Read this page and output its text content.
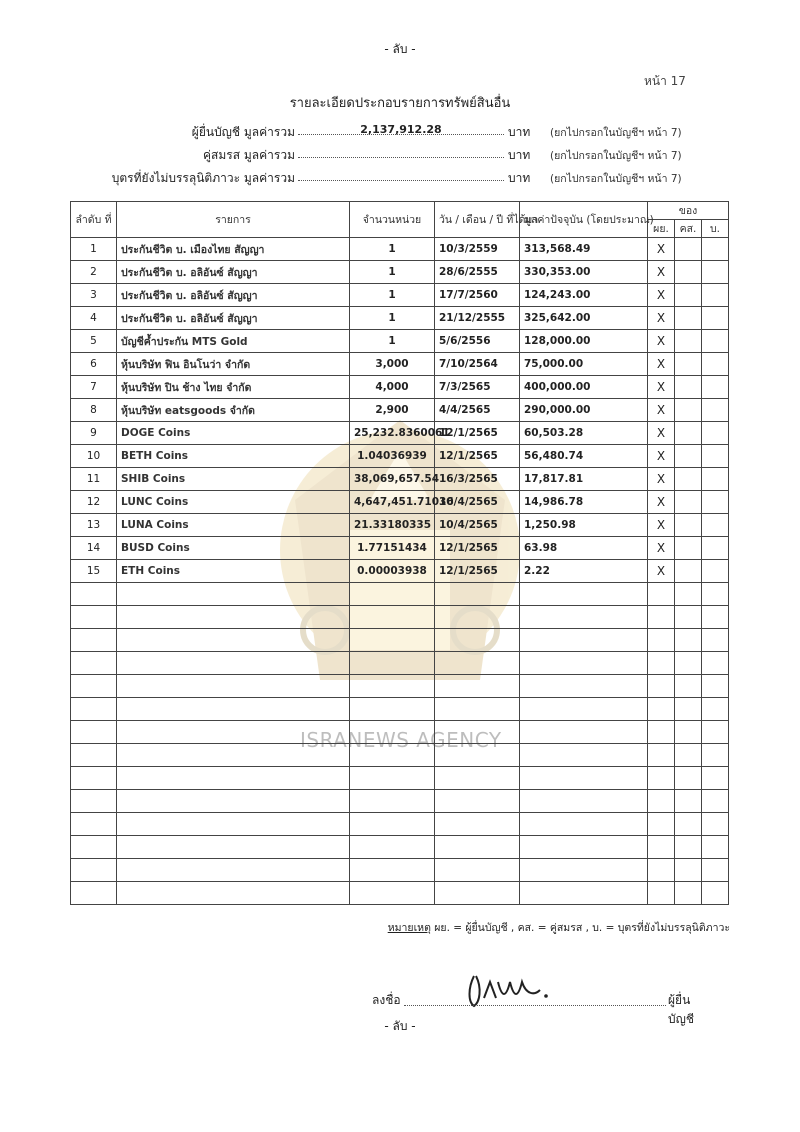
- ลับ -
หน้า 17
รายละเอียดประกอบรายการทรัพย์สินอื่น
ผู้ยื่นบัญชี มูลค่ารวม	2,137,912.28	บาท (ยกไปกรอกในบัญชีฯ หน้า 7)
คู่สมรส มูลค่ารวม	บาท (ยกไปกรอกในบัญชีฯ หน้า 7)
บุตรที่ยังไม่บรรลุนิติภาวะ มูลค่ารวม	บาท (ยกไปกรอกในบัญชีฯ หน้า 7)
ISRANEWS AGENCY
ลำดับ ที่	รายการ	จำนวนหน่วย	วัน / เดือน / ปี ที่ได้มา	มูลค่าปัจจุบัน (โดยประมาณ)	ของ		
					ผย.	คส.	บ.
1	ประกันชีวิต บ. เมืองไทย สัญญา	1	10/3/2559	313,568.49	X		
2	ประกันชีวิต บ. อลิอันซ์ สัญญา	1	28/6/2555	330,353.00	X		
3	ประกันชีวิต บ. อลิอันซ์ สัญญา	1	17/7/2560	124,243.00	X		
4	ประกันชีวิต บ. อลิอันซ์ สัญญา	1	21/12/2555	325,642.00	X		
5	บัญชีค้ำประกัน MTS Gold	1	5/6/2556	128,000.00	X		
6	หุ้นบริษัท ฟิน อินโนว่า จำกัด	3,000	7/10/2564	75,000.00	X		
7	หุ้นบริษัท ปิน ช้าง ไทย จำกัด	4,000	7/3/2565	400,000.00	X		
8	หุ้นบริษัท eatsgoods จำกัด	2,900	4/4/2565	290,000.00	X		
9	DOGE Coins	25,232.8360061	12/1/2565	60,503.28	X		
10	BETH Coins	1.04036939	12/1/2565	56,480.74	X		
11	SHIB Coins	38,069,657.54	16/3/2565	17,817.81	X		
12	LUNC Coins	4,647,451.71036	10/4/2565	14,986.78	X		
13	LUNA Coins	21.33180335	10/4/2565	1,250.98	X		
14	BUSD Coins	1.77151434	12/1/2565	63.98	X		
15	ETH Coins	0.00003938	12/1/2565	2.22	X		

หมายเหตุ ผย. = ผู้ยื่นบัญชี , คส. = คู่สมรส , บ. = บุตรที่ยังไม่บรรลุนิติภาวะ
ลงชื่อ	ผู้ยื่นบัญชี
- ลับ -
